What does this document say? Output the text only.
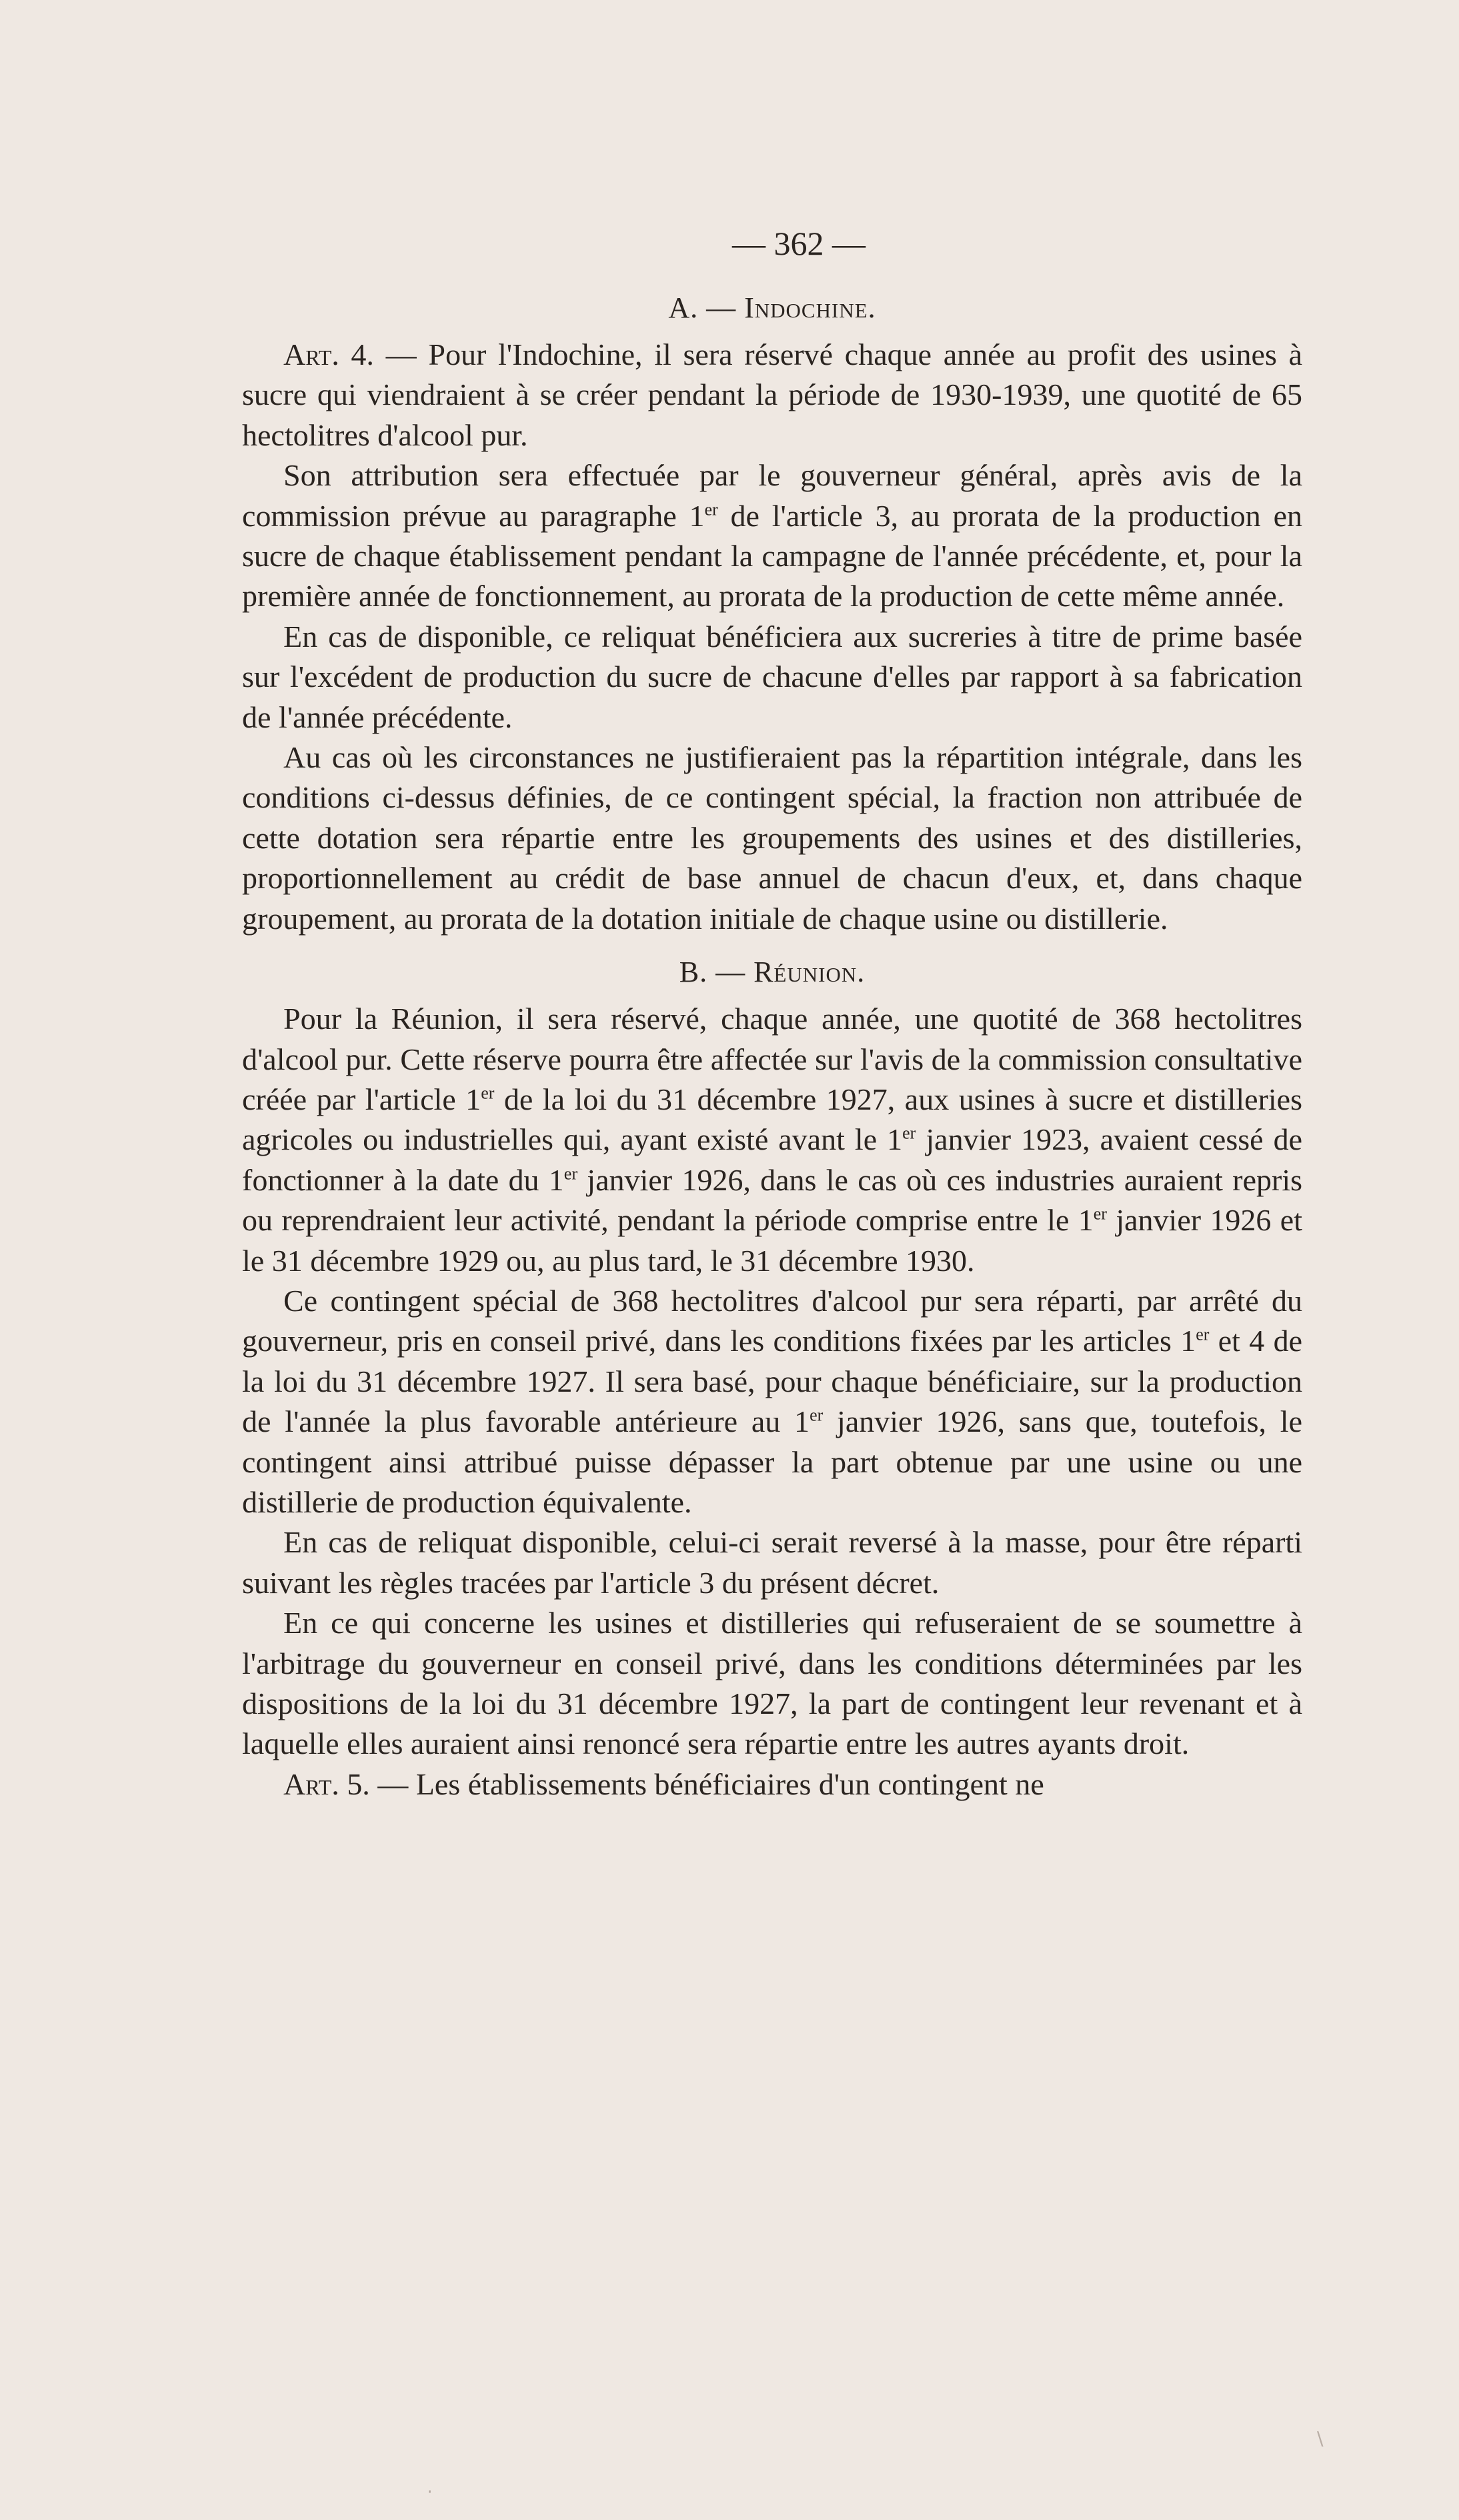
— 362 —
A. — Indochine.

Art. 4. — Pour l'Indochine, il sera réservé chaque année au profit des usines à sucre qui viendraient à se créer pendant la période de 1930-1939, une quotité de 65 hectolitres d'alcool pur.

Son attribution sera effectuée par le gouverneur général, après avis de la commission prévue au paragraphe 1er de l'article 3, au prorata de la production en sucre de chaque établissement pendant la campagne de l'année précédente, et, pour la première année de fonctionnement, au prorata de la production de cette même année.

En cas de disponible, ce reliquat bénéficiera aux sucreries à titre de prime basée sur l'excédent de production du sucre de chacune d'elles par rapport à sa fabrication de l'année précédente.

Au cas où les circonstances ne justifieraient pas la répartition intégrale, dans les conditions ci-dessus définies, de ce contingent spécial, la fraction non attribuée de cette dotation sera répartie entre les groupements des usines et des distilleries, proportionnellement au crédit de base annuel de chacun d'eux, et, dans chaque groupement, au prorata de la dotation initiale de chaque usine ou distillerie.

B. — Réunion.

Pour la Réunion, il sera réservé, chaque année, une quotité de 368 hectolitres d'alcool pur. Cette réserve pourra être affectée sur l'avis de la commission consultative créée par l'article 1er de la loi du 31 décembre 1927, aux usines à sucre et distilleries agricoles ou industrielles qui, ayant existé avant le 1er janvier 1923, avaient cessé de fonctionner à la date du 1er janvier 1926, dans le cas où ces industries auraient repris ou reprendraient leur activité, pendant la période comprise entre le 1er janvier 1926 et le 31 décembre 1929 ou, au plus tard, le 31 décembre 1930.

Ce contingent spécial de 368 hectolitres d'alcool pur sera réparti, par arrêté du gouverneur, pris en conseil privé, dans les conditions fixées par les articles 1er et 4 de la loi du 31 décembre 1927. Il sera basé, pour chaque bénéficiaire, sur la production de l'année la plus favorable antérieure au 1er janvier 1926, sans que, toutefois, le contingent ainsi attribué puisse dépasser la part obtenue par une usine ou une distillerie de production équivalente.

En cas de reliquat disponible, celui-ci serait reversé à la masse, pour être réparti suivant les règles tracées par l'article 3 du présent décret.

En ce qui concerne les usines et distilleries qui refuseraient de se soumettre à l'arbitrage du gouverneur en conseil privé, dans les conditions déterminées par les dispositions de la loi du 31 décembre 1927, la part de contingent leur revenant et à laquelle elles auraient ainsi renoncé sera répartie entre les autres ayants droit.

Art. 5. — Les établissements bénéficiaires d'un contingent ne

·
\
